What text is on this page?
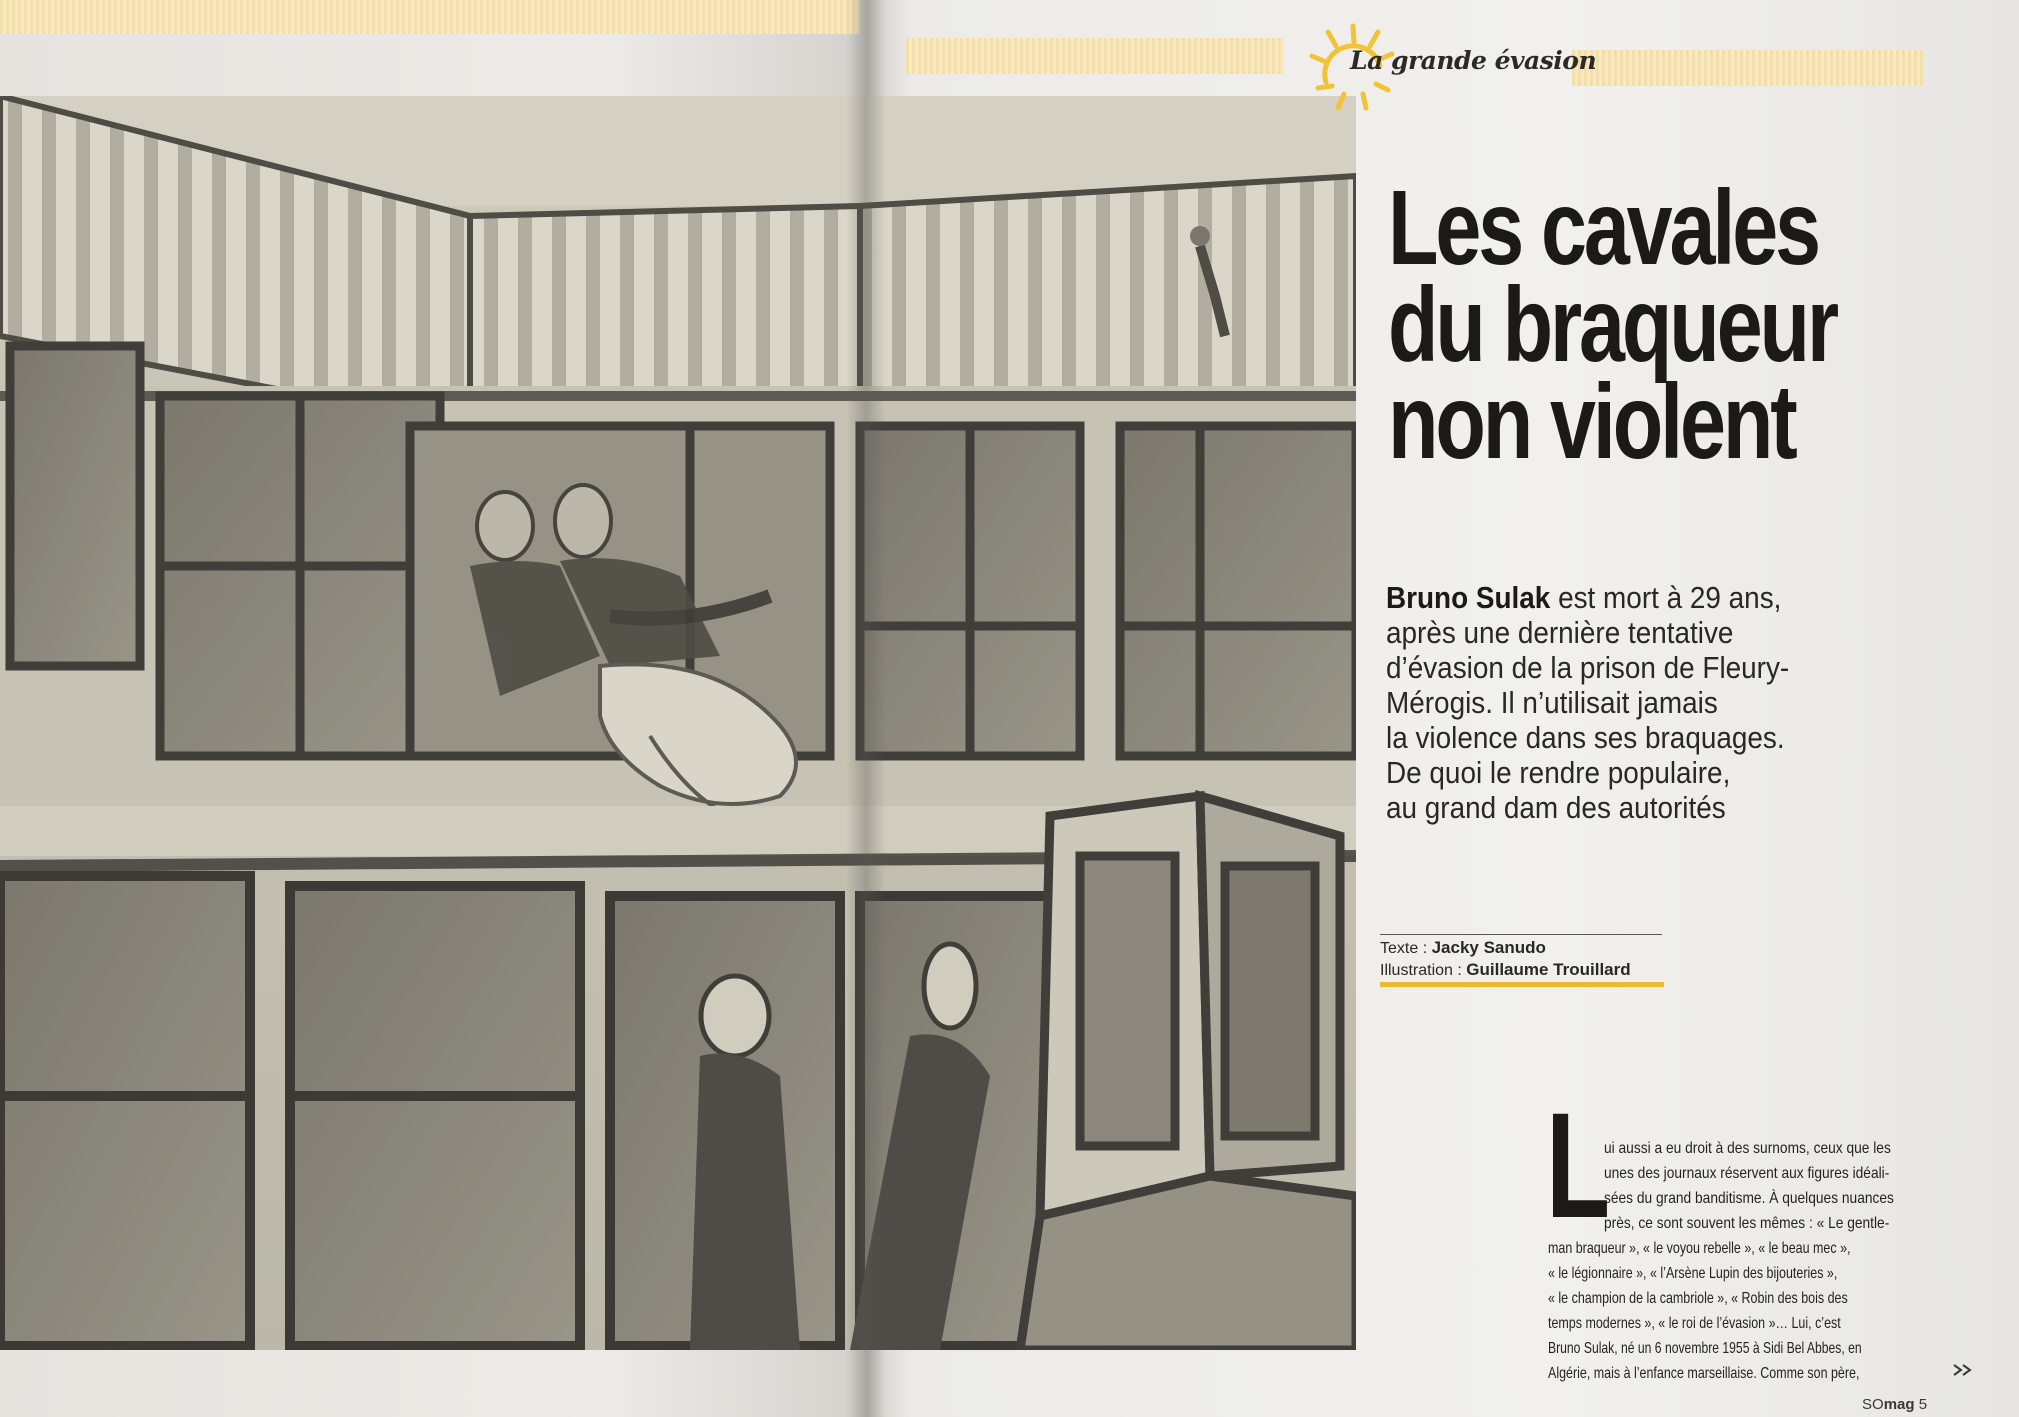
La grande évasion
Les cavales
du braqueur
non violent

Bruno Sulak est mort à 29 ans,

après une dernière tentative

d’évasion de la prison de Fleury-

Mérogis. Il n’utilisait jamais

la violence dans ses braquages.

De quoi le rendre populaire,

au grand dam des autorités

Texte : Jacky Sanudo
Illustration : Guillaume Trouillard
L
ui aussi a eu droit à des surnoms, ceux que les
unes des journaux réservent aux figures idéali-
sées du grand banditisme. À quelques nuances
près, ce sont souvent les mêmes : « Le gentle-
man braqueur », « le voyou rebelle », « le beau mec »,
« le légionnaire », « l’Arsène Lupin des bijouteries »,
« le champion de la cambriole », « Robin des bois des
temps modernes », « le roi de l’évasion »… Lui, c’est
Bruno Sulak, né un 6 novembre 1955 à Sidi Bel Abbes, en
Algérie, mais à l’enfance marseillaise. Comme son père,
SOmag 5
